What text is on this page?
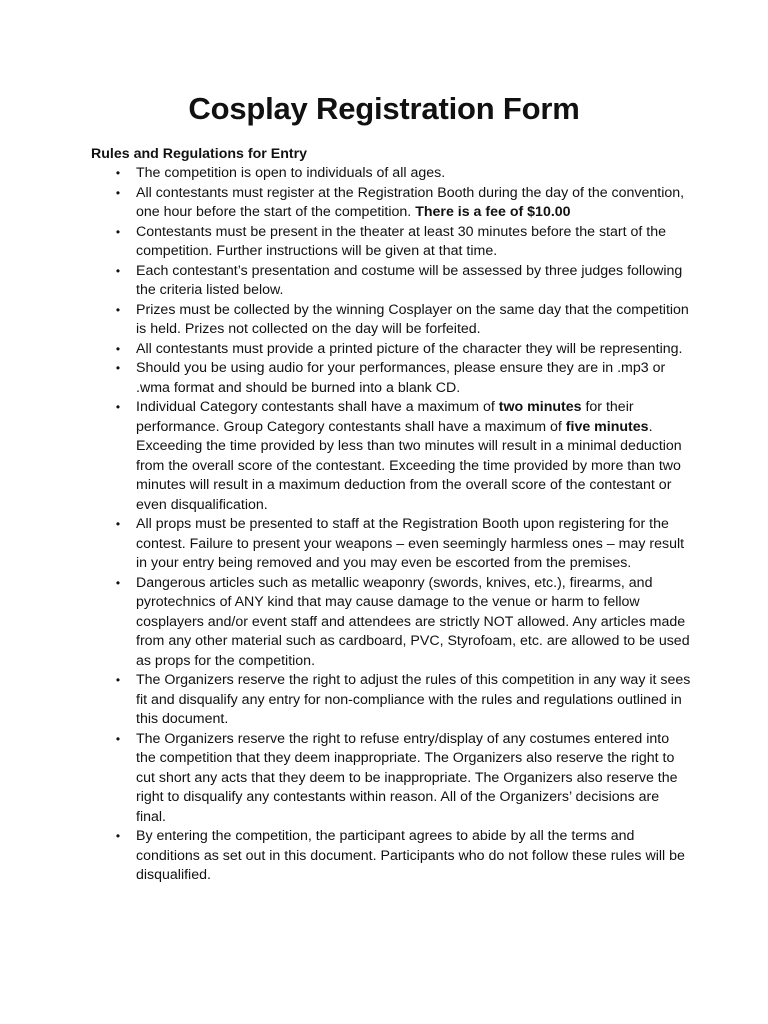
Cosplay Registration Form
Rules and Regulations for Entry
• The competition is open to individuals of all ages.
• All contestants must register at the Registration Booth during the day of the convention, one hour before the start of the competition. There is a fee of $10.00
• Contestants must be present in the theater at least 30 minutes before the start of the competition. Further instructions will be given at that time.
• Each contestant’s presentation and costume will be assessed by three judges following the criteria listed below.
• Prizes must be collected by the winning Cosplayer on the same day that the competition is held. Prizes not collected on the day will be forfeited.
• All contestants must provide a printed picture of the character they will be representing.
• Should you be using audio for your performances, please ensure they are in .mp3 or .wma format and should be burned into a blank CD.
• Individual Category contestants shall have a maximum of two minutes for their performance. Group Category contestants shall have a maximum of five minutes. Exceeding the time provided by less than two minutes will result in a minimal deduction from the overall score of the contestant. Exceeding the time provided by more than two minutes will result in a maximum deduction from the overall score of the contestant or even disqualification.
• All props must be presented to staff at the Registration Booth upon registering for the contest. Failure to present your weapons – even seemingly harmless ones – may result in your entry being removed and you may even be escorted from the premises.
• Dangerous articles such as metallic weaponry (swords, knives, etc.), firearms, and pyrotechnics of ANY kind that may cause damage to the venue or harm to fellow cosplayers and/or event staff and attendees are strictly NOT allowed. Any articles made from any other material such as cardboard, PVC, Styrofoam, etc. are allowed to be used as props for the competition.
• The Organizers reserve the right to adjust the rules of this competition in any way it sees fit and disqualify any entry for non-compliance with the rules and regulations outlined in this document.
• The Organizers reserve the right to refuse entry/display of any costumes entered into the competition that they deem inappropriate. The Organizers also reserve the right to cut short any acts that they deem to be inappropriate. The Organizers also reserve the right to disqualify any contestants within reason. All of the Organizers’ decisions are final.
• By entering the competition, the participant agrees to abide by all the terms and conditions as set out in this document. Participants who do not follow these rules will be disqualified.
